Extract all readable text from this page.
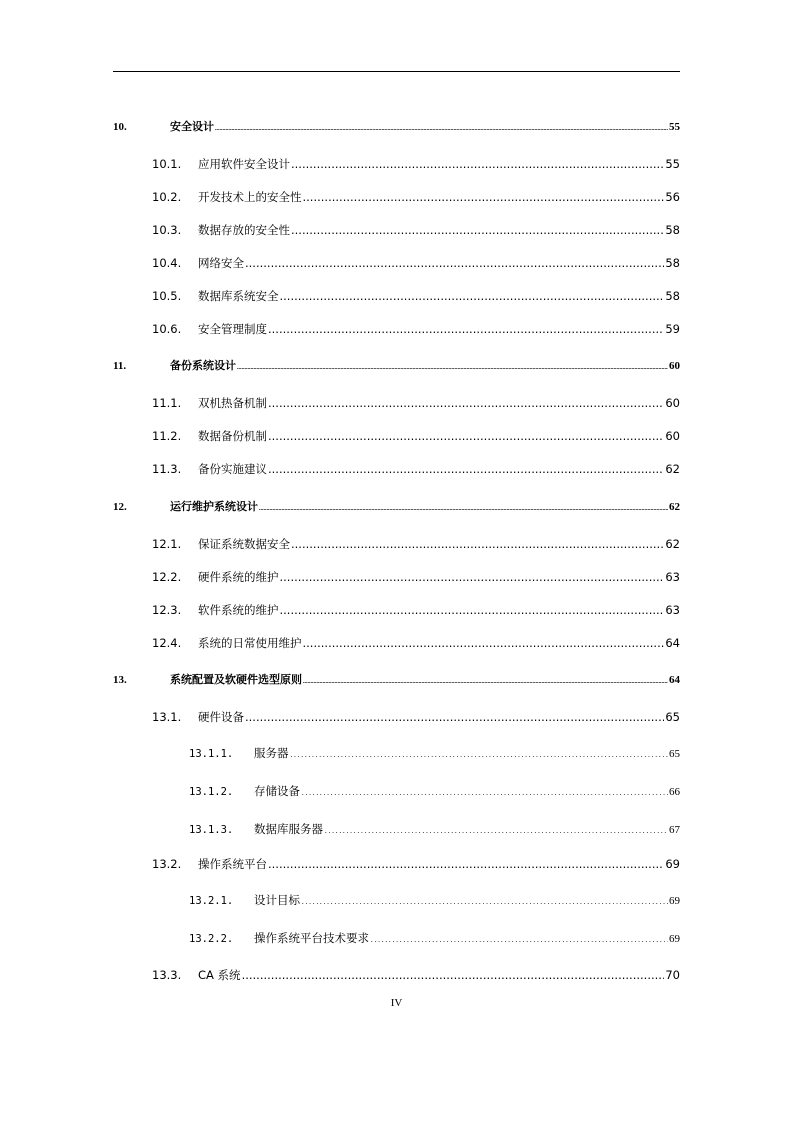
10.	安全设计 .....	55
10.1.	应用软件安全设计 .....	55
10.2.	开发技术上的安全性 .....	56
10.3.	数据存放的安全性 .....	58
10.4.	网络安全 .....	58
10.5.	数据库系统安全 .....	58
10.6.	安全管理制度 .....	59
11.	备份系统设计 .....	60
11.1.	双机热备机制 .....	60
11.2.	数据备份机制 .....	60
11.3.	备份实施建议 .....	62
12.	运行维护系统设计 .....	62
12.1.	保证系统数据安全 .....	62
12.2.	硬件系统的维护 .....	63
12.3.	软件系统的维护 .....	63
12.4.	系统的日常使用维护 .....	64
13.	系统配置及软硬件选型原则 .....	64
13.1.	硬件设备 .....	65
13.1.1.	服务器 .....	65
13.1.2.	存储设备 .....	66
13.1.3.	数据库服务器 .....	67
13.2.	操作系统平台 .....	69
13.2.1.	设计目标 .....	69
13.2.2.	操作系统平台技术要求 .....	69
13.3.	CA 系统 .....	70
IV
